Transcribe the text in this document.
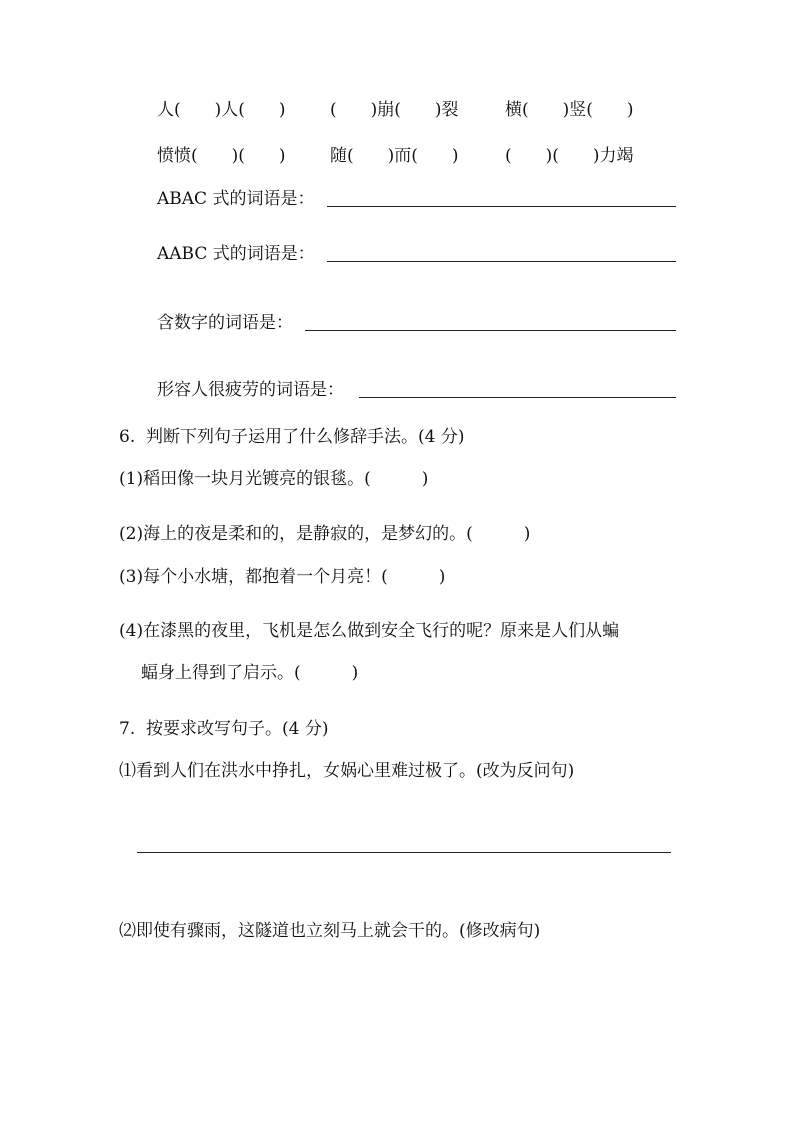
人(　　)人(　　)	(　　)崩(　　)裂	横(　　)竖(　　)
愤愤(　　)(　　)	随(　　)而(　　)	(　　)(　　)力竭
ABAC 式的词语是：
AABC 式的词语是：
含数字的词语是：
形容人很疲劳的词语是：
6.  判断下列句子运用了什么修辞手法。(4 分)
(1)稻田像一块月光镀亮的银毯。(　　　)
(2)海上的夜是柔和的，是静寂的，是梦幻的。(　　　)
(3)每个小水塘，都抱着一个月亮！(　　　)
(4)在漆黑的夜里，飞机是怎么做到安全飞行的呢？原来是人们从蝙
蝠身上得到了启示。(　　　)
7.  按要求改写句子。(4 分)
⑴看到人们在洪水中挣扎，女娲心里难过极了。(改为反问句)
⑵即使有骤雨，这隧道也立刻马上就会干的。(修改病句)
